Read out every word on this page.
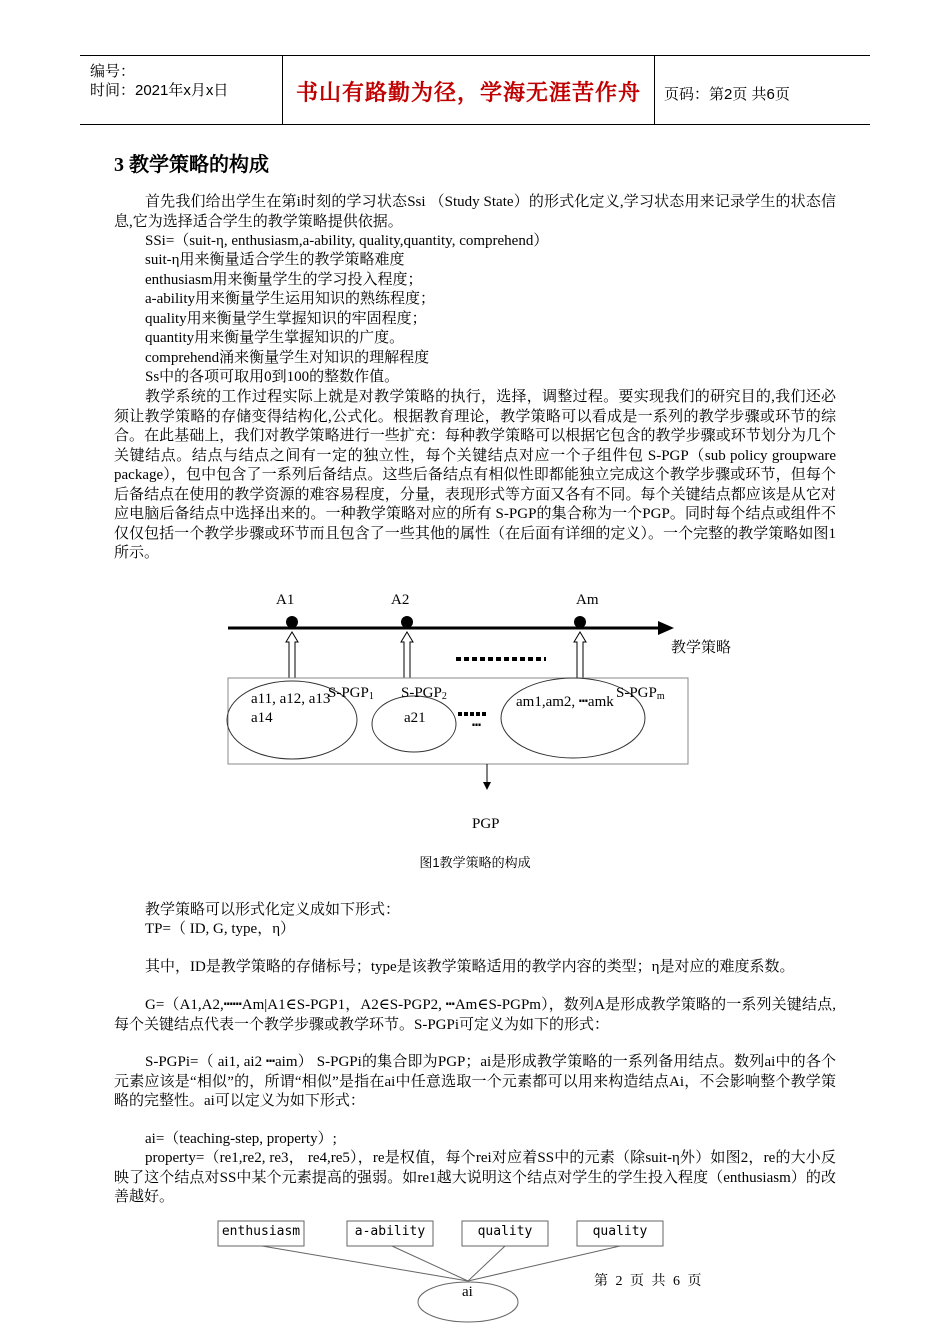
编号：
时间：2021年x月x日	书山有路勤为径，学海无涯苦作舟	页码：第2页 共6页
3 教学策略的构成
首先我们给出学生在第i时刻的学习状态Ssi （Study State）的形式化定义,学习状态用来记录学生的状态信息,它为选择适合学生的教学策略提供依据。
SSi=（suit-η, enthusiasm,a-ability, quality,quantity, comprehend）
suit-η用来衡量适合学生的教学策略难度
enthusiasm用来衡量学生的学习投入程度；
a-ability用来衡量学生运用知识的熟练程度；
quality用来衡量学生掌握知识的牢固程度；
quantity用来衡量学生掌握知识的广度。
comprehend涌来衡量学生对知识的理解程度
Ss中的各项可取用0到100的整数作值。
教学系统的工作过程实际上就是对教学策略的执行，选择，调整过程。要实现我们的研究目的,我们还必须让教学策略的存储变得结构化,公式化。根据教育理论，教学策略可以看成是一系列的教学步骤或环节的综合。在此基础上，我们对教学策略进行一些扩充：每种教学策略可以根据它包含的教学步骤或环节划分为几个关键结点。结点与结点之间有一定的独立性，每个关键结点对应一个子组件包 S-PGP（sub policy groupware package），包中包含了一系列后备结点。这些后备结点有相似性即都能独立完成这个教学步骤或环节，但每个后备结点在使用的教学资源的难容易程度，分量，表现形式等方面又各有不同。每个关键结点都应该是从它对应电脑后备结点中选择出来的。一种教学策略对应的所有 S-PGP的集合称为一个PGP。同时每个结点或组件不仅仅包括一个教学步骤或环节而且包含了一些其他的属性（在后面有详细的定义）。一个完整的教学策略如图1所示。
A1	A2	Am
教学策略
$S-PGP_1$ $S-PGP_2$	$S-PGP_m$
a11, a12, a13
a14	a21
am1,am2, ┅amk
┅
PGP
图1教学策略的构成
教学策略可以形式化定义成如下形式：
TP=（ ID, G, type，η）
其中，ID是教学策略的存储标号；type是该教学策略适用的教学内容的类型；η是对应的难度系数。
G=（A1,A2,┅┅Am|A1∈S-PGP1，A2∈S-PGP2, ┅Am∈S-PGPm），数列A是形成教学策略的一系列关键结点,每个关键结点代表一个教学步骤或教学环节。S-PGPi可定义为如下的形式：
S-PGPi=（ ai1, ai2 ┅aim） S-PGPi的集合即为PGP；ai是形成教学策略的一系列备用结点。数列ai中的各个元素应该是“相似”的，所谓“相似”是指在ai中任意选取一个元素都可以用来构造结点Ai，不会影响整个教学策略的完整性。ai可以定义为如下形式：
ai=（teaching-step, property）;
property=（re1,re2, re3， re4,re5），re是权值，每个rei对应着SS中的元素（除suit-η外）如图2，re的大小反映了这个结点对SS中某个元素提高的强弱。如re1越大说明这个结点对学生的学生投入程度（enthusiasm）的改善越好。
enthusiasm	a-ability	quality	quality
ai
第 2 页 共 6 页
